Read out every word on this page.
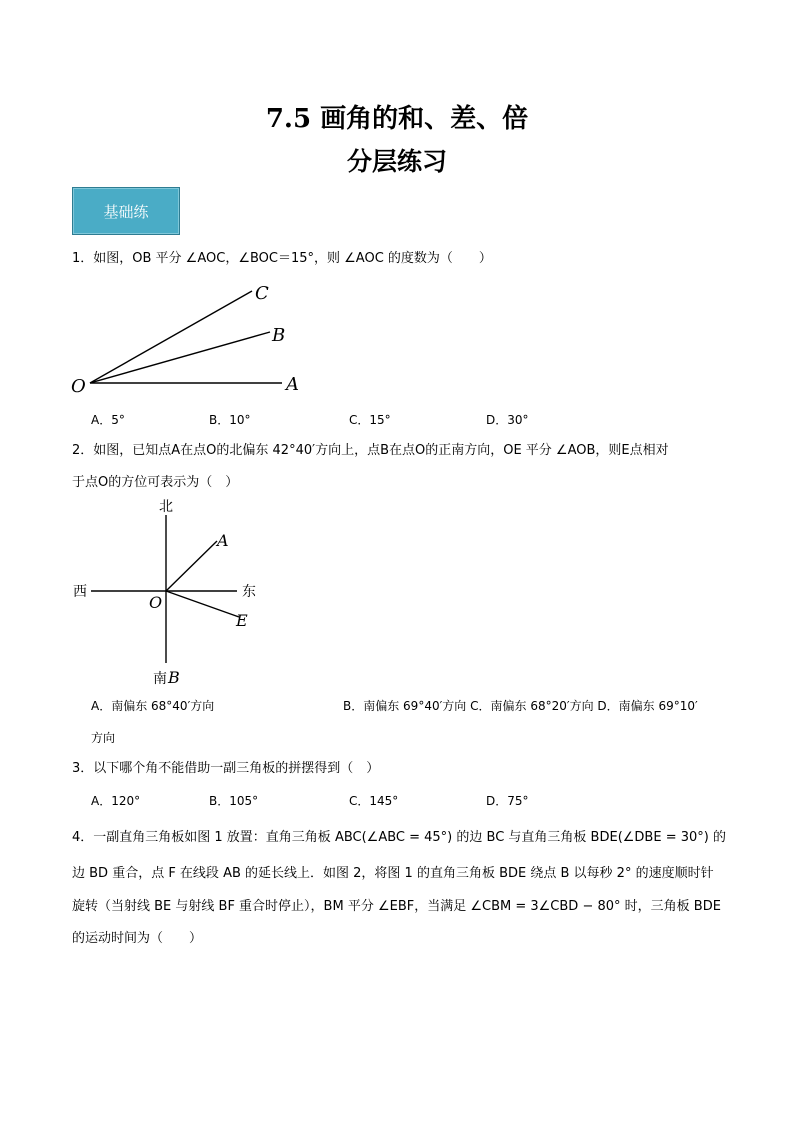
7.5 画角的和、差、倍
分层练习
基础练
1．如图，OB 平分 ∠AOC，∠BOC＝15°，则 ∠AOC 的度数为（　　）
C
B
O	A
A．5°	B．10°	C．15°	D．30°
2．如图，已知点A在点O的北偏东 42°40′方向上，点B在点O的正南方向，OE 平分 ∠AOB，则E点相对
于点O的方位可表示为（　）
北
西	东
南 B
O
A
E
A．南偏东 68°40′方向	B．南偏东 69°40′方向 C．南偏东 68°20′方向 D．南偏东 69°10′
方向
3．以下哪个角不能借助一副三角板的拼摆得到（　）
A．120°	B．105°	C．145°	D．75°
4．一副直角三角板如图 1 放置：直角三角板 ABC(∠ABC = 45°) 的边 BC 与直角三角板 BDE(∠DBE = 30°) 的
边 BD 重合，点 F 在线段 AB 的延长线上．如图 2，将图 1 的直角三角板 BDE 绕点 B 以每秒 2° 的速度顺时针
旋转（当射线 BE 与射线 BF 重合时停止），BM 平分 ∠EBF，当满足 ∠CBM = 3∠CBD − 80° 时，三角板 BDE
的运动时间为（　　）
